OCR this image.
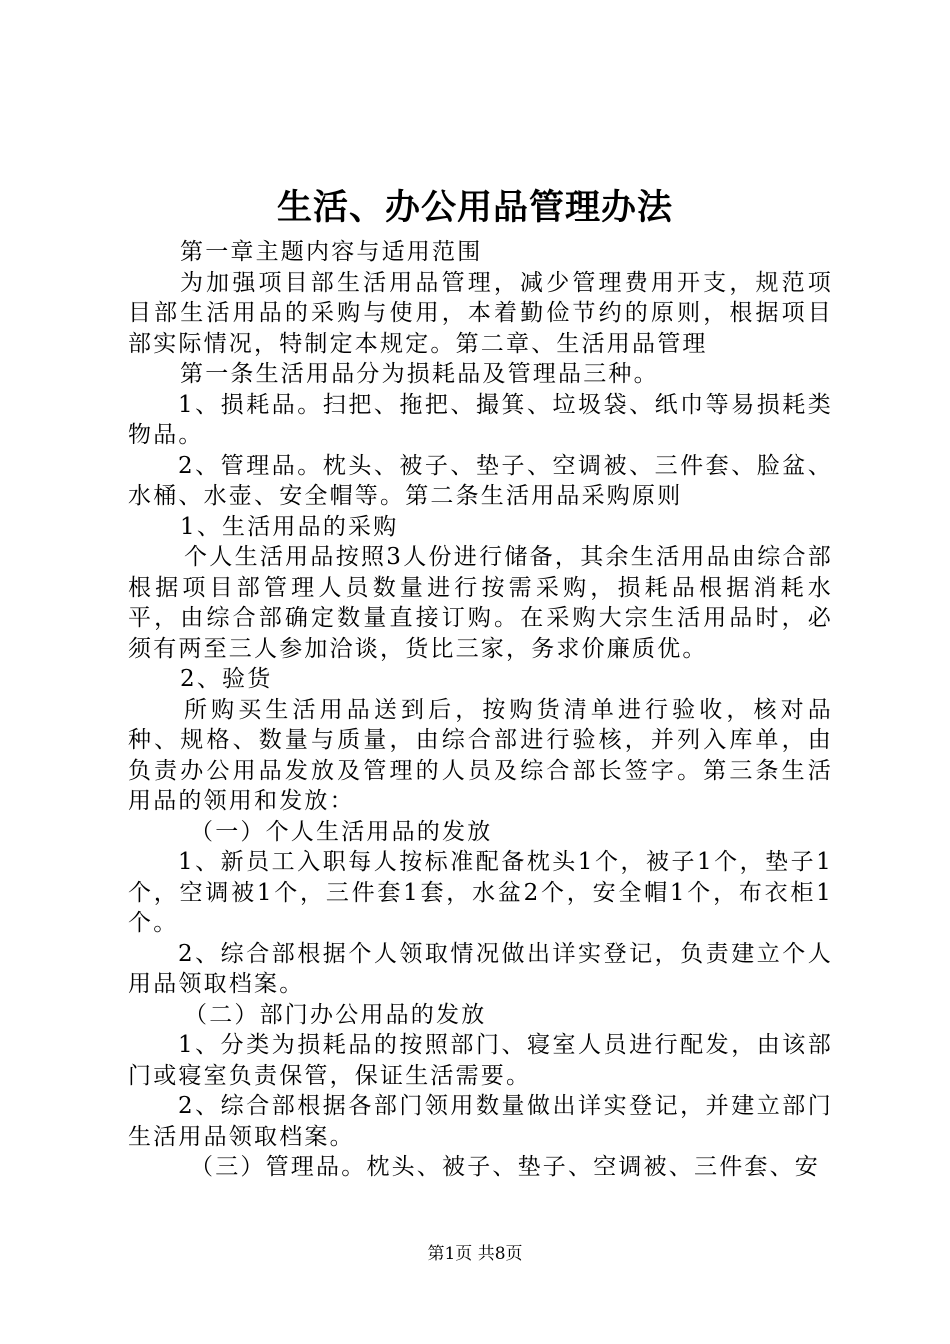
生活、办公用品管理办法

第一章主题内容与适用范围

为加强项目部生活用品管理，减少管理费用开支，规范项目部生活用品的采购与使用，本着勤俭节约的原则，根据项目部实际情况，特制定本规定。第二章、生活用品管理

第一条生活用品分为损耗品及管理品三种。

1、损耗品。扫把、拖把、撮箕、垃圾袋、纸巾等易损耗类物品。

2、管理品。枕头、被子、垫子、空调被、三件套、脸盆、水桶、水壶、安全帽等。第二条生活用品采购原则

1、生活用品的采购

个人生活用品按照3人份进行储备，其余生活用品由综合部根据项目部管理人员数量进行按需采购，损耗品根据消耗水平，由综合部确定数量直接订购。在采购大宗生活用品时，必须有两至三人参加洽谈，货比三家，务求价廉质优。

2、验货

所购买生活用品送到后，按购货清单进行验收，核对品种、规格、数量与质量，由综合部进行验核，并列入库单，由负责办公用品发放及管理的人员及综合部长签字。第三条生活用品的领用和发放：

（一）个人生活用品的发放

1、新员工入职每人按标准配备枕头1个，被子1个，垫子1个，空调被1个，三件套1套，水盆2个，安全帽1个，布衣柜1个。

2、综合部根据个人领取情况做出详实登记，负责建立个人用品领取档案。

（二）部门办公用品的发放

1、分类为损耗品的按照部门、寝室人员进行配发，由该部门或寝室负责保管，保证生活需要。

2、综合部根据各部门领用数量做出详实登记，并建立部门生活用品领取档案。

（三）管理品。枕头、被子、垫子、空调被、三件套、安

第1页 共8页
